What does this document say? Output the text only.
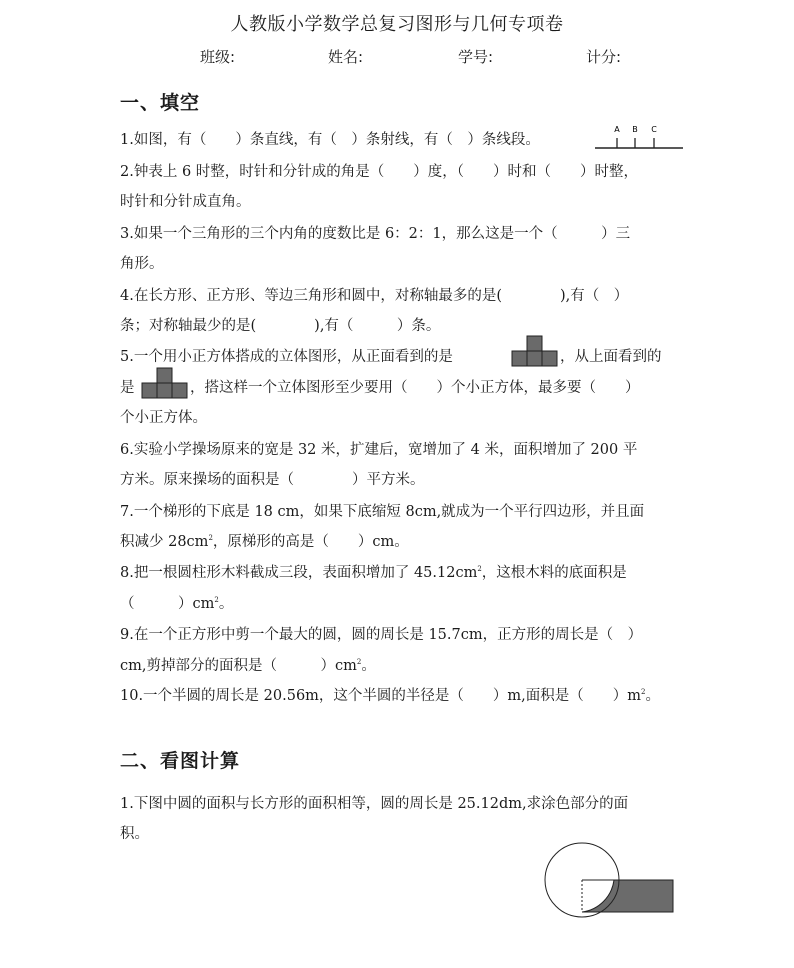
人教版小学数学总复习图形与几何专项卷
班级:	姓名:	学号:	计分:
一、填空
1.如图，有（　　）条直线，有（　）条射线，有（　）条线段。
A B C
2.钟表上 6 时整，时针和分针成的角是（　　）度，（　　）时和（　　）时整，
时针和分针成直角。
3.如果一个三角形的三个内角的度数比是 6：2：1，那么这是一个（　　　）三
角形。
4.在长方形、正方形、等边三角形和圆中，对称轴最多的是(　　　　),有（　）
条；对称轴最少的是(　　　　),有（　　　）条。
5.一个用小正方体搭成的立体图形，从正面看到的是	，从上面看到的
是	，搭这样一个立体图形至少要用（　　）个小正方体，最多要（　　）
个小正方体。
6.实验小学操场原来的宽是 32 米，扩建后，宽增加了 4 米，面积增加了 200 平
方米。原来操场的面积是（　　　　）平方米。
7.一个梯形的下底是 18 cm，如果下底缩短 8cm,就成为一个平行四边形，并且面
积减少 $28cm^2$，原梯形的高是（　　）cm。
8.把一根圆柱形木料截成三段，表面积增加了 $45.12cm^2$，这根木料的底面积是
（　　　）$cm^2$。
9.在一个正方形中剪一个最大的圆，圆的周长是 15.7cm，正方形的周长是（　）
cm,剪掉部分的面积是（　　　）$cm^2$。
10.一个半圆的周长是 20.56m，这个半圆的半径是（　　）m,面积是（　　）$m^2$。
二、看图计算
1.下图中圆的面积与长方形的面积相等，圆的周长是 25.12dm,求涂色部分的面
积。
